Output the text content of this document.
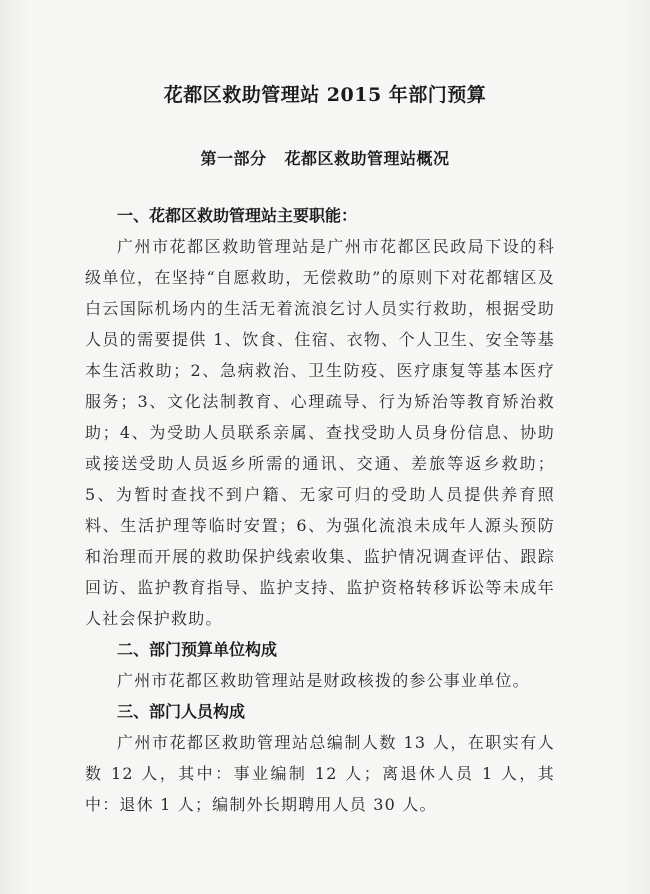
花都区救助管理站 2015 年部门预算
第一部分 花都区救助管理站概况
一、花都区救助管理站主要职能：
广州市花都区救助管理站是广州市花都区民政局下设的科级单位，在坚持“自愿救助，无偿救助”的原则下对花都辖区及白云国际机场内的生活无着流浪乞讨人员实行救助，根据受助人员的需要提供 1、饮食、住宿、衣物、个人卫生、安全等基本生活救助；2、急病救治、卫生防疫、医疗康复等基本医疗服务；3、文化法制教育、心理疏导、行为矫治等教育矫治救助；4、为受助人员联系亲属、查找受助人员身份信息、协助或接送受助人员返乡所需的通讯、交通、差旅等返乡救助；5、为暂时查找不到户籍、无家可归的受助人员提供养育照料、生活护理等临时安置；6、为强化流浪未成年人源头预防和治理而开展的救助保护线索收集、监护情况调查评估、跟踪回访、监护教育指导、监护支持、监护资格转移诉讼等未成年人社会保护救助。
二、部门预算单位构成
广州市花都区救助管理站是财政核拨的参公事业单位。
三、部门人员构成
广州市花都区救助管理站总编制人数 13 人，在职实有人数 12 人，其中：事业编制 12 人；离退休人员 1 人，其中：退休 1 人；编制外长期聘用人员 30 人。
